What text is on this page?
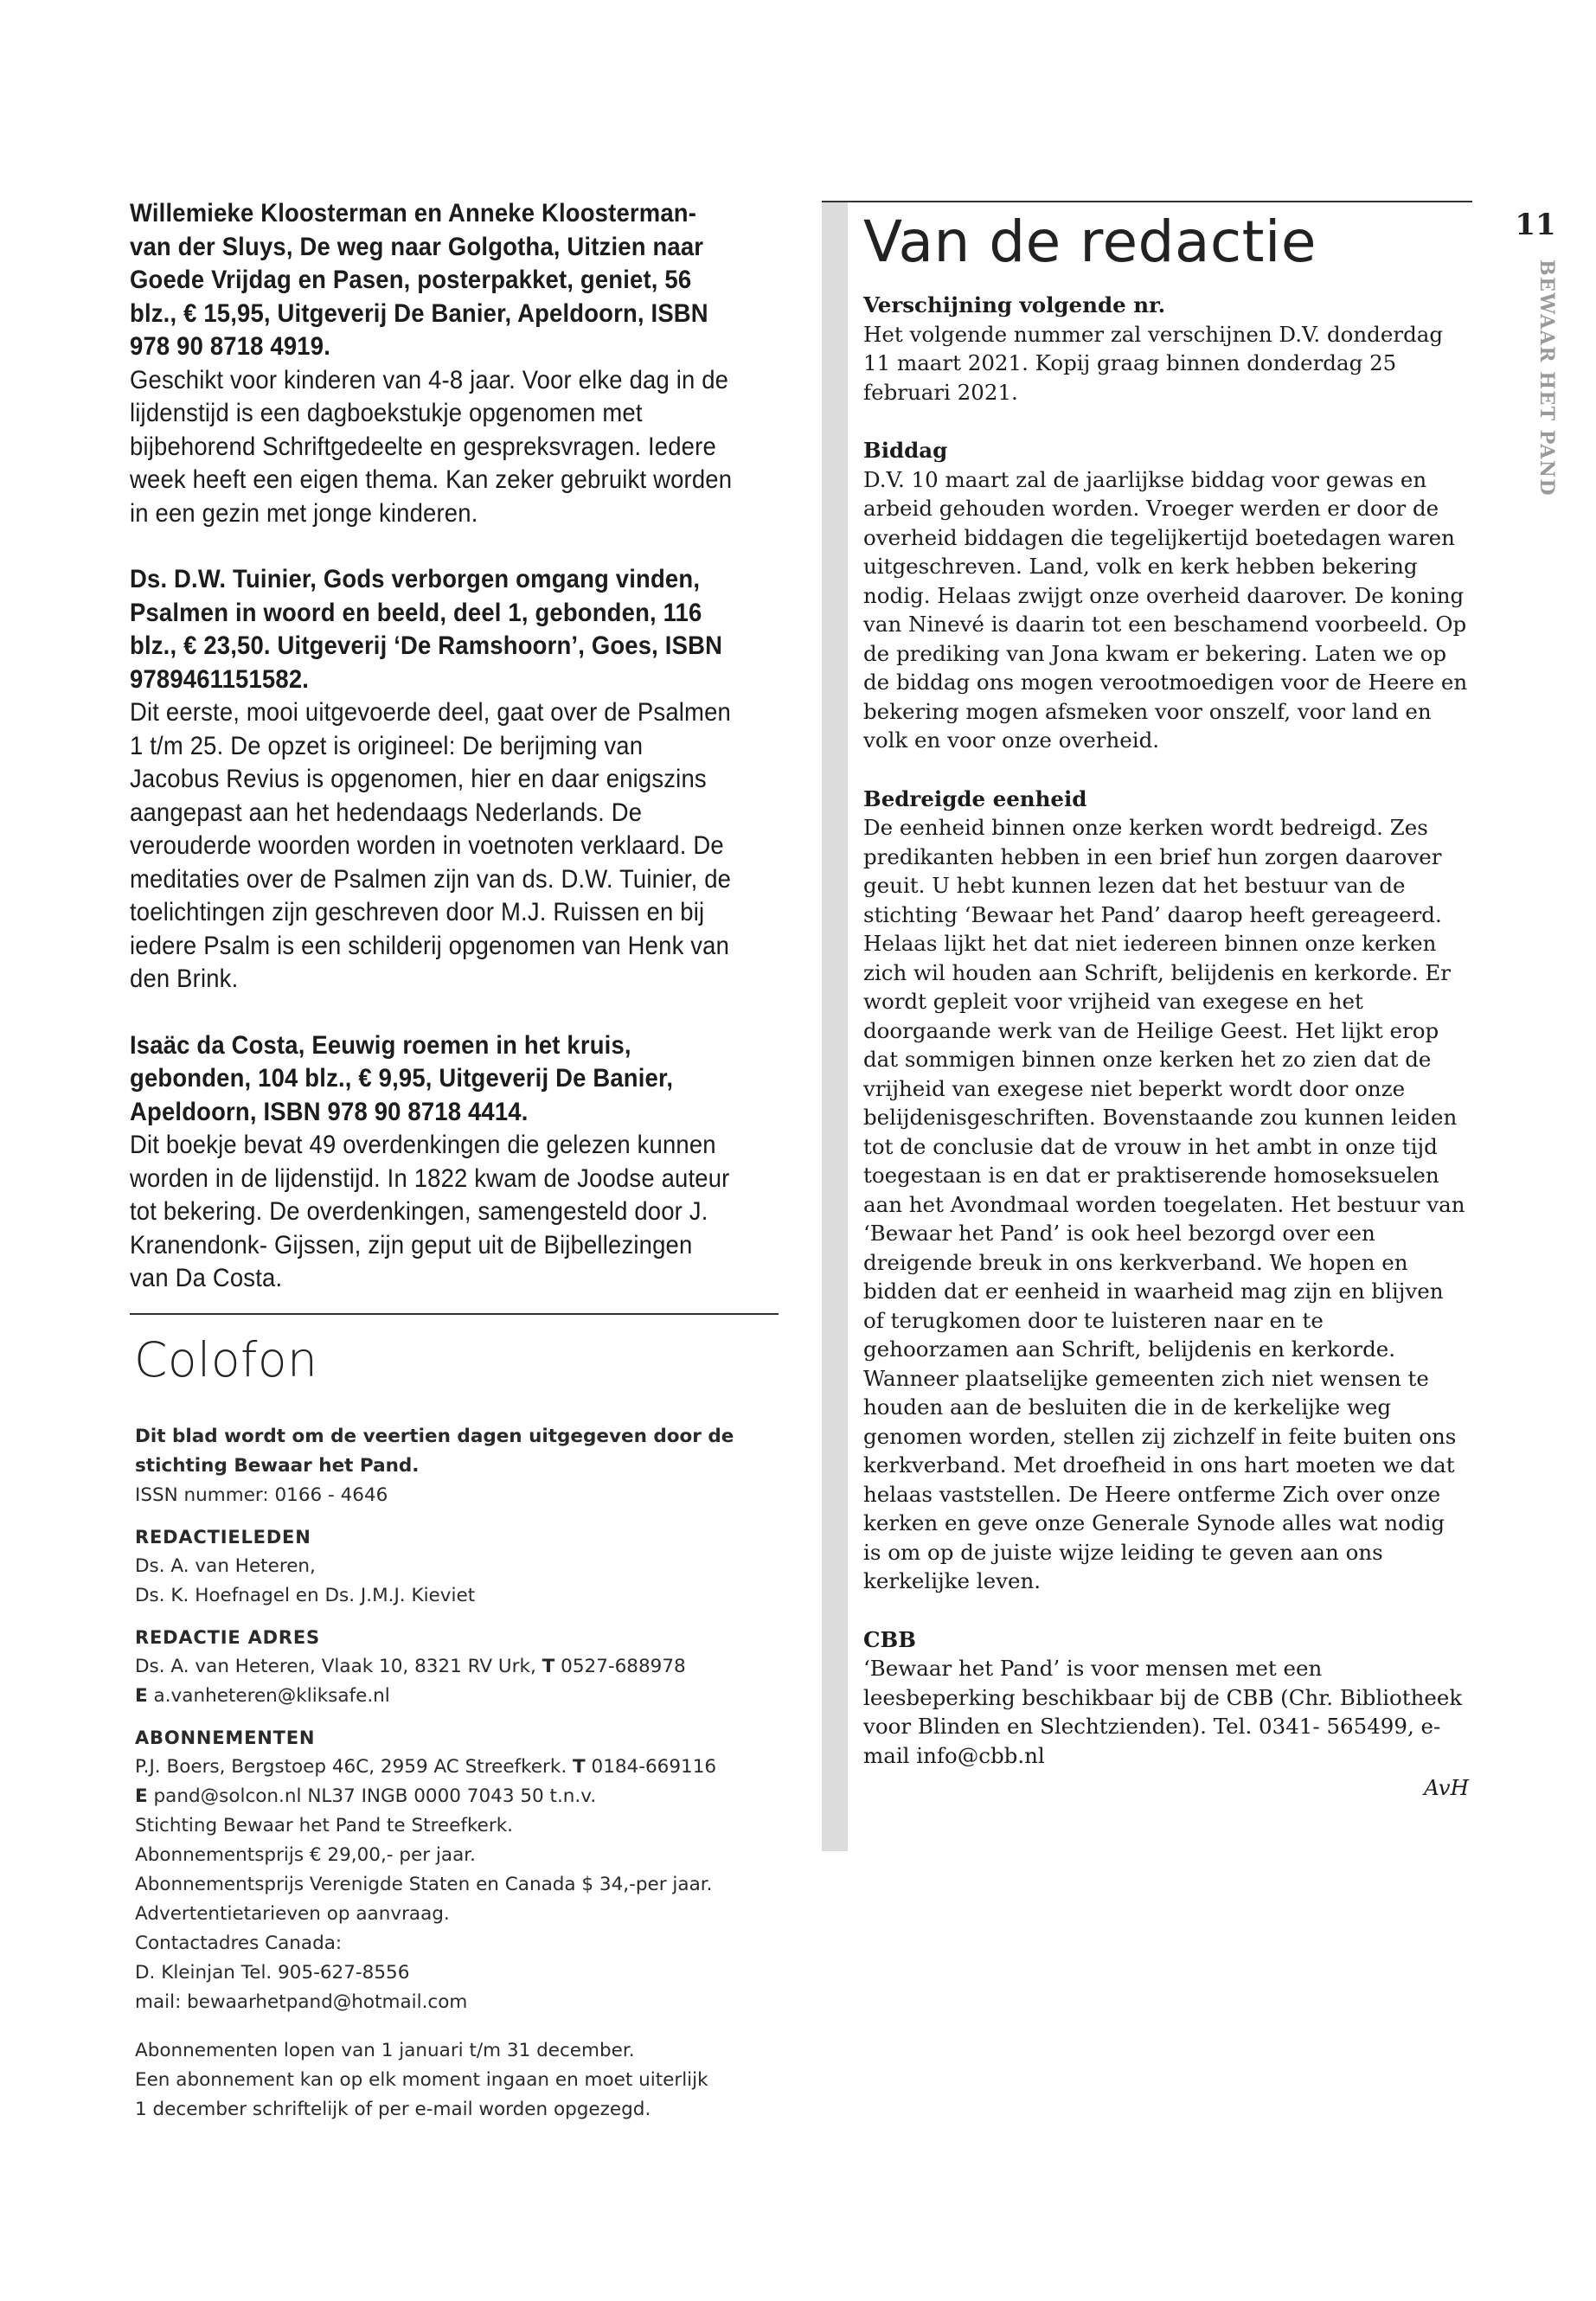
Willemieke Kloosterman en Anneke Kloosterman- van der Sluys, De weg naar Golgotha, Uitzien naar Goede Vrijdag en Pasen, posterpakket, geniet, 56 blz., € 15,95, Uitgeverij De Banier, Apeldoorn, ISBN 978 90 8718 4919.

Geschikt voor kinderen van 4-8 jaar. Voor elke dag in de lijdenstijd is een dagboekstukje opgenomen met bijbehorend Schriftgedeelte en gespreksvragen. Iedere week heeft een eigen thema. Kan zeker gebruikt worden in een gezin met jonge kinderen.

Ds. D.W. Tuinier, Gods verborgen omgang vinden, Psalmen in woord en beeld, deel 1, gebonden, 116 blz., € 23,50. Uitgeverij ‘De Ramshoorn’, Goes, ISBN 9789461151582.

Dit eerste, mooi uitgevoerde deel, gaat over de Psalmen 1 t/m 25. De opzet is origineel: De berijming van Jacobus Revius is opgenomen, hier en daar enigszins aangepast aan het hedendaags Nederlands. De verouderde woorden worden in voetnoten verklaard. De meditaties over de Psalmen zijn van ds. D.W. Tuinier, de toelichtingen zijn geschreven door M.J. Ruissen en bij iedere Psalm is een schilderij opgenomen van Henk van den Brink.

Isaäc da Costa, Eeuwig roemen in het kruis, gebonden, 104 blz., € 9,95, Uitgeverij De Banier, Apeldoorn, ISBN 978 90 8718 4414.

Dit boekje bevat 49 overdenkingen die gelezen kunnen worden in de lijdenstijd. In 1822 kwam de Joodse auteur tot bekering. De overdenkingen, samengesteld door J. Kranendonk- Gijssen, zijn geput uit de Bijbellezingen van Da Costa.

Colofon
Dit blad wordt om de veertien dagen uitgegeven door de stichting Bewaar het Pand.
ISSN nummer: 0166 - 4646
REDACTIELEDEN
Ds. A. van Heteren,
Ds. K. Hoefnagel en Ds. J.M.J. Kieviet
REDACTIE ADRES
Ds. A. van Heteren, Vlaak 10, 8321 RV Urk, T 0527-688978
E a.vanheteren@kliksafe.nl
ABONNEMENTEN
P.J. Boers, Bergstoep 46C, 2959 AC Streefkerk. T 0184-669116
E pand@solcon.nl NL37 INGB 0000 7043 50 t.n.v.
Stichting Bewaar het Pand te Streefkerk.
Abonnementsprijs € 29,00,- per jaar.
Abonnementsprijs Verenigde Staten en Canada $ 34,-per jaar.
Advertentietarieven op aanvraag.
Contactadres Canada:
D. Kleinjan Tel. 905-627-8556
mail: bewaarhetpand@hotmail.com
Abonnementen lopen van 1 januari t/m 31 december.
Een abonnement kan op elk moment ingaan en moet uiterlijk
1 december schriftelijk of per e-mail worden opgezegd.
Van de redactie
Verschijning volgende nr.

Het volgende nummer zal verschijnen D.V. donderdag 11 maart 2021. Kopij graag binnen donderdag 25 februari 2021.

Biddag

D.V. 10 maart zal de jaarlijkse biddag voor gewas en arbeid gehouden worden. Vroeger werden er door de overheid biddagen die tegelijkertijd boetedagen waren uitgeschreven. Land, volk en kerk hebben bekering nodig. Helaas zwijgt onze overheid daarover. De koning van Ninevé is daarin tot een beschamend voorbeeld. Op de prediking van Jona kwam er bekering. Laten we op de biddag ons mogen verootmoedigen voor de Heere en bekering mogen afsmeken voor onszelf, voor land en volk en voor onze overheid.

Bedreigde eenheid

De eenheid binnen onze kerken wordt bedreigd. Zes predikanten hebben in een brief hun zorgen daarover geuit. U hebt kunnen lezen dat het bestuur van de stichting ‘Bewaar het Pand’ daarop heeft gereageerd. Helaas lijkt het dat niet iedereen binnen onze kerken zich wil houden aan Schrift, belijdenis en kerkorde. Er wordt gepleit voor vrijheid van exegese en het doorgaande werk van de Heilige Geest. Het lijkt erop dat sommigen binnen onze kerken het zo zien dat de vrijheid van exegese niet beperkt wordt door onze belijdenisgeschriften. Bovenstaande zou kunnen leiden tot de conclusie dat de vrouw in het ambt in onze tijd toegestaan is en dat er praktiserende homoseksuelen aan het Avondmaal worden toegelaten. Het bestuur van ‘Bewaar het Pand’ is ook heel bezorgd over een dreigende breuk in ons kerkverband. We hopen en bidden dat er eenheid in waarheid mag zijn en blijven of terugkomen door te luisteren naar en te gehoorzamen aan Schrift, belijdenis en kerkorde. Wanneer plaatselijke gemeenten zich niet wensen te houden aan de besluiten die in de kerkelijke weg genomen worden, stellen zij zichzelf in feite buiten ons kerkverband. Met droefheid in ons hart moeten we dat helaas vaststellen. De Heere ontferme Zich over onze kerken en geve onze Generale Synode alles wat nodig is om op de juiste wijze leiding te geven aan ons kerkelijke leven.

CBB

‘Bewaar het Pand’ is voor mensen met een leesbeperking beschikbaar bij de CBB (Chr. Bibliotheek voor Blinden en Slechtzienden). Tel. 0341- 565499, e-mail info@cbb.nl

AvH
11
BEWAAR HET PAND
